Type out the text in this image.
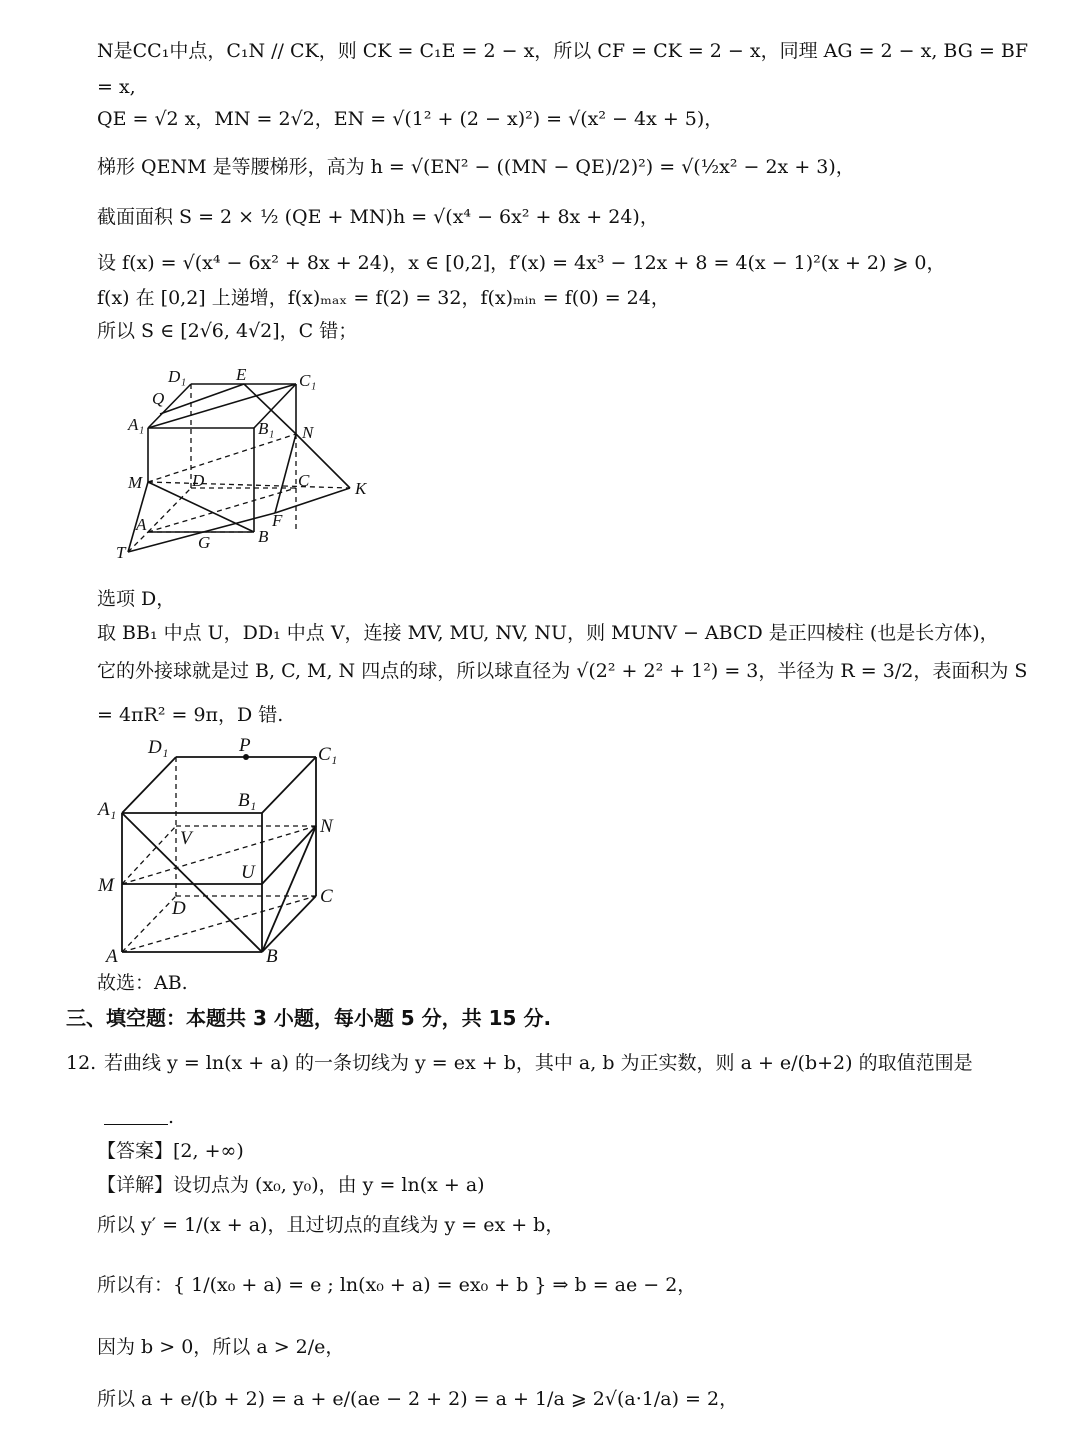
N是CC₁中点，C₁N // CK，则 CK = C₁E = 2 − x，所以 CF = CK = 2 − x，同理 AG = 2 − x, BG = BF
= x,
QE = √2 x，MN = 2√2，EN = √(1² + (2 − x)²) = √(x² − 4x + 5)，
梯形 QENM 是等腰梯形，高为 h = √(EN² − ((MN − QE)/2)²) = √(½x² − 2x + 3)，
截面面积 S = 2 × ½ (QE + MN)h = √(x⁴ − 6x² + 8x + 24)，
设 f(x) = √(x⁴ − 6x² + 8x + 24)，x ∈ [0,2]，f′(x) = 4x³ − 12x + 8 = 4(x − 1)²(x + 2) ⩾ 0，
f(x) 在 [0,2] 上递增，f(x)ₘₐₓ = f(2) = 32，f(x)ₘᵢₙ = f(0) = 24，
所以 S ∈ [2√6, 4√2]，C 错；
D₁	E	C₁
Q
A₁	B₁ N
M	D	C	K
A	F
G	B
T
选项 D，
取 BB₁ 中点 U，DD₁ 中点 V，连接 MV, MU, NV, NU，则 MUNV − ABCD 是正四棱柱 (也是长方体)，
它的外接球就是过 B, C, M, N 四点的球，所以球直径为 √(2² + 2² + 1²) = 3，半径为 R = 3/2，表面积为 S
= 4πR² = 9π，D 错.
D₁	P	C₁
A₁	B₁
N
V
U
M
D
C
A	B
故选：AB.
三、填空题：本题共 3 小题，每小题 5 分，共 15 分.
12. 若曲线 y = ln(x + a) 的一条切线为 y = ex + b，其中 a, b 为正实数，则 a + e/(b+2) 的取值范围是
.
【答案】[2, +∞)
【详解】设切点为 (x₀, y₀)，由 y = ln(x + a)
所以 y′ = 1/(x + a)，且过切点的直线为 y = ex + b，
所以有：{ 1/(x₀ + a) = e ; ln(x₀ + a) = ex₀ + b } ⇒ b = ae − 2，
因为 b > 0，所以 a > 2/e，
所以 a + e/(b + 2) = a + e/(ae − 2 + 2) = a + 1/a ⩾ 2√(a·1/a) = 2，
